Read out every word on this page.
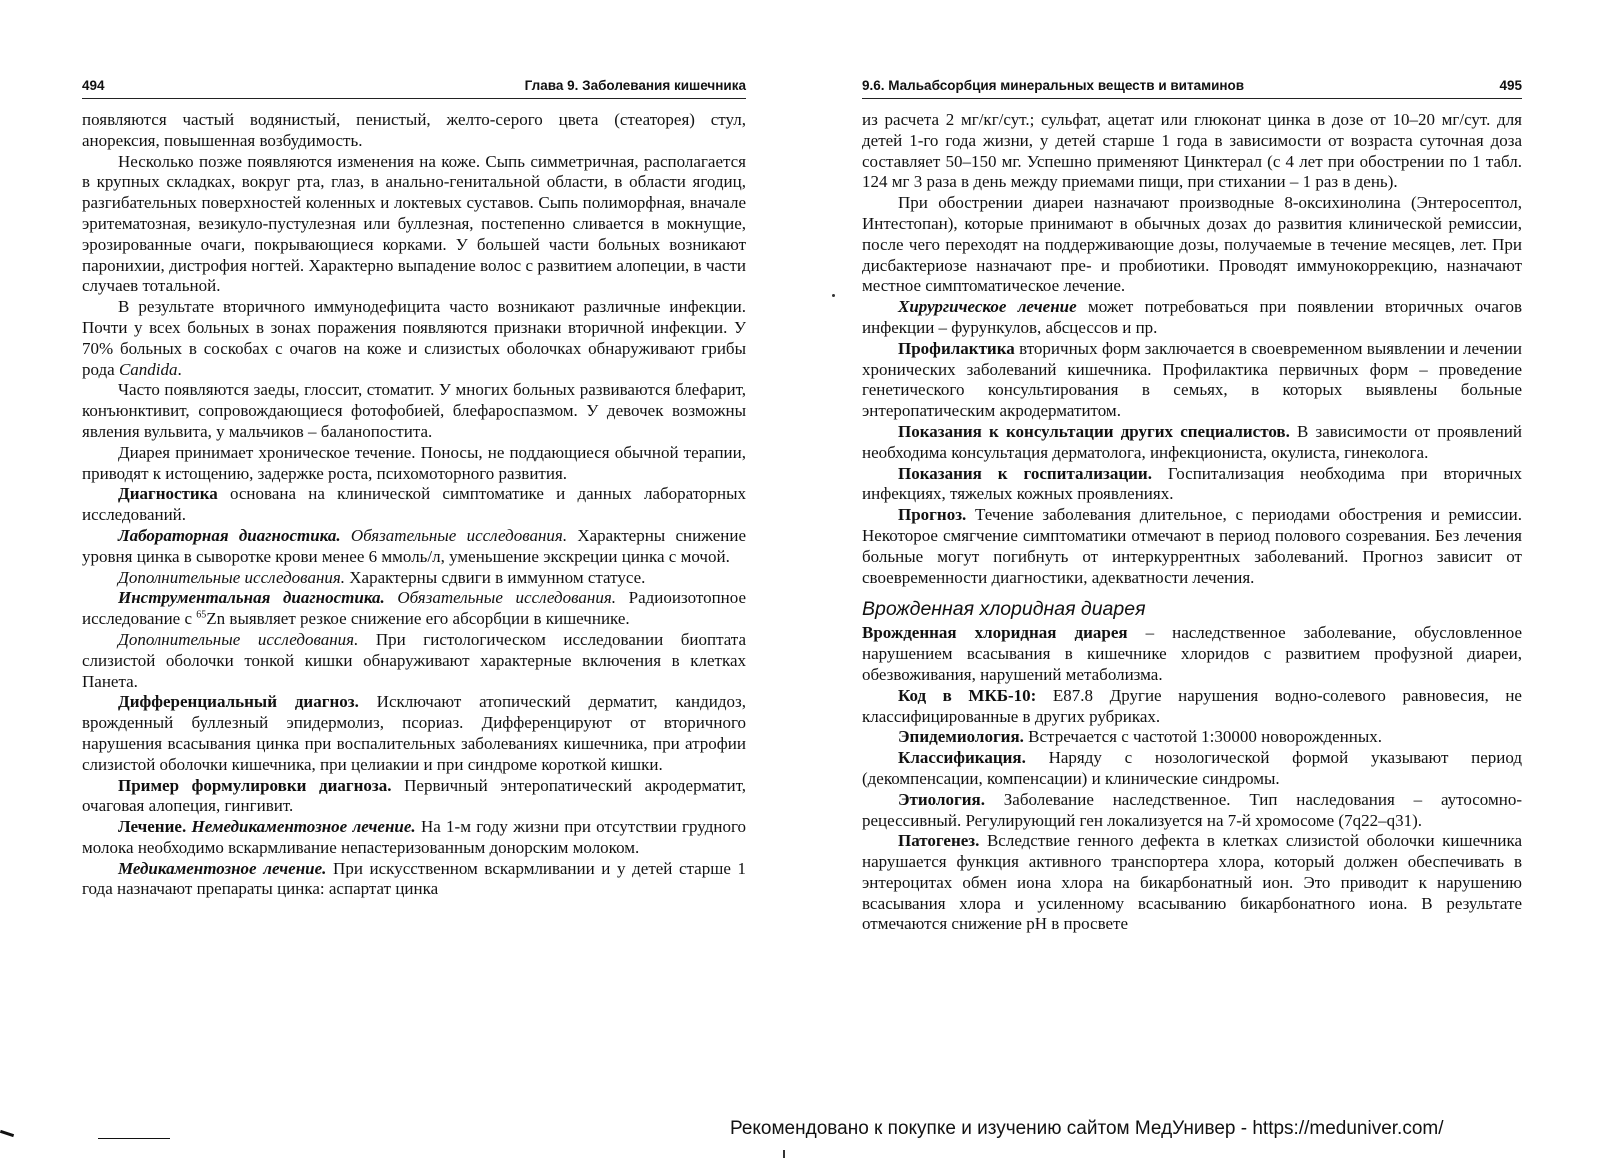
494	Глава 9. Заболевания кишечника

появляются частый водянистый, пенистый, желто-серого цвета (стеаторея) стул, анорексия, повышенная возбудимость.

Несколько позже появляются изменения на коже. Сыпь симметричная, располагается в крупных складках, вокруг рта, глаз, в анально-генитальной области, в области ягодиц, разгибательных поверхностей коленных и локтевых суставов. Сыпь полиморфная, вначале эритематозная, везикуло-пустулезная или буллезная, постепенно сливается в мокнущие, эрозированные очаги, покрывающиеся корками. У большей части больных возникают паронихии, дистрофия ногтей. Характерно выпадение волос с развитием алопеции, в части случаев тотальной.

В результате вторичного иммунодефицита часто возникают различные инфекции. Почти у всех больных в зонах поражения появляются признаки вторичной инфекции. У 70% больных в соскобах с очагов на коже и слизистых оболочках обнаруживают грибы рода Candida.

Часто появляются заеды, глоссит, стоматит. У многих больных развиваются блефарит, конъюнктивит, сопровождающиеся фотофобией, блефароспазмом. У девочек возможны явления вульвита, у мальчиков – баланопостита.

Диарея принимает хроническое течение. Поносы, не поддающиеся обычной терапии, приводят к истощению, задержке роста, психомоторного развития.

Диагностика основана на клинической симптоматике и данных лабораторных исследований.

Лабораторная диагностика. Обязательные исследования. Характерны снижение уровня цинка в сыворотке крови менее 6 ммоль/л, уменьшение экскреции цинка с мочой.

Дополнительные исследования. Характерны сдвиги в иммунном статусе.

Инструментальная диагностика. Обязательные исследования. Радиоизотопное исследование с $^{65}$Zn выявляет резкое снижение его абсорбции в кишечнике.

Дополнительные исследования. При гистологическом исследовании биоптата слизистой оболочки тонкой кишки обнаруживают характерные включения в клетках Панета.

Дифференциальный диагноз. Исключают атопический дерматит, кандидоз, врожденный буллезный эпидермолиз, псориаз. Дифференцируют от вторичного нарушения всасывания цинка при воспалительных заболеваниях кишечника, при атрофии слизистой оболочки кишечника, при целиакии и при синдроме короткой кишки.

Пример формулировки диагноза. Первичный энтеропатический акродерматит, очаговая алопеция, гингивит.

Лечение. Немедикаментозное лечение. На 1-м году жизни при отсутствии грудного молока необходимо вскармливание непастеризованным донорским молоком.

Медикаментозное лечение. При искусственном вскармливании и у детей старше 1 года назначают препараты цинка: аспартат цинка

9.6. Мальабсорбция минеральных веществ и витаминов	495

из расчета 2 мг/кг/сут.; сульфат, ацетат или глюконат цинка в дозе от 10–20 мг/сут. для детей 1-го года жизни, у детей старше 1 года в зависимости от возраста суточная доза составляет 50–150 мг. Успешно применяют Цинктерал (с 4 лет при обострении по 1 табл. 124 мг 3 раза в день между приемами пищи, при стихании – 1 раз в день).

При обострении диареи назначают производные 8-оксихинолина (Энтеросептол, Интестопан), которые принимают в обычных дозах до развития клинической ремиссии, после чего переходят на поддерживающие дозы, получаемые в течение месяцев, лет. При дисбактериозе назначают пре- и пробиотики. Проводят иммунокоррекцию, назначают местное симптоматическое лечение.

Хирургическое лечение может потребоваться при появлении вторичных очагов инфекции – фурункулов, абсцессов и пр.

Профилактика вторичных форм заключается в своевременном выявлении и лечении хронических заболеваний кишечника. Профилактика первичных форм – проведение генетического консультирования в семьях, в которых выявлены больные энтеропатическим акродерматитом.

Показания к консультации других специалистов. В зависимости от проявлений необходима консультация дерматолога, инфекциониста, окулиста, гинеколога.

Показания к госпитализации. Госпитализация необходима при вторичных инфекциях, тяжелых кожных проявлениях.

Прогноз. Течение заболевания длительное, с периодами обострения и ремиссии. Некоторое смягчение симптоматики отмечают в период полового созревания. Без лечения больные могут погибнуть от интеркуррентных заболеваний. Прогноз зависит от своевременности диагностики, адекватности лечения.

Врожденная хлоридная диарея

Врожденная хлоридная диарея – наследственное заболевание, обусловленное нарушением всасывания в кишечнике хлоридов с развитием профузной диареи, обезвоживания, нарушений метаболизма.

Код в МКБ-10: E87.8 Другие нарушения водно-солевого равновесия, не классифицированные в других рубриках.

Эпидемиология. Встречается с частотой 1:30000 новорожденных.

Классификация. Наряду с нозологической формой указывают период (декомпенсации, компенсации) и клинические синдромы.

Этиология. Заболевание наследственное. Тип наследования – аутосомно-рецессивный. Регулирующий ген локализуется на 7-й хромосоме (7q22–q31).

Патогенез. Вследствие генного дефекта в клетках слизистой оболочки кишечника нарушается функция активного транспортера хлора, который должен обеспечивать в энтероцитах обмен иона хлора на бикарбонатный ион. Это приводит к нарушению всасывания хлора и усиленному всасыванию бикарбонатного иона. В результате отмечаются снижение pH в просвете

Рекомендовано к покупке и изучению сайтом МедУнивер - https://meduniver.com/
